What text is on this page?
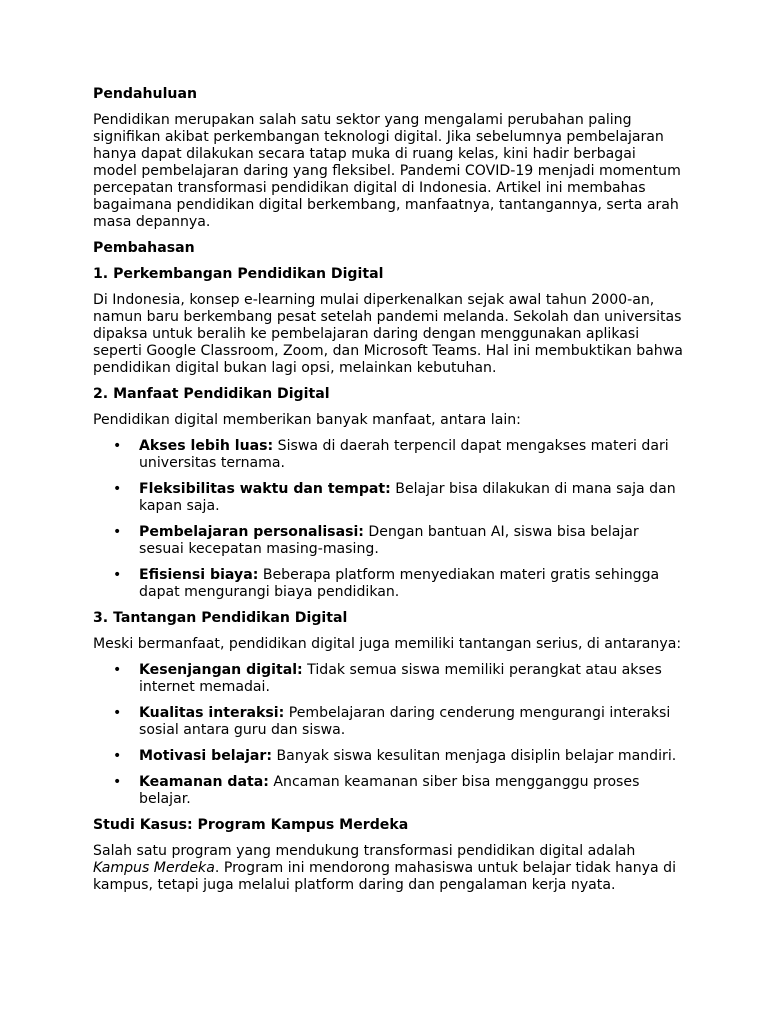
Pendahuluan

Pendidikan merupakan salah satu sektor yang mengalami perubahan paling signifikan akibat perkembangan teknologi digital. Jika sebelumnya pembelajaran hanya dapat dilakukan secara tatap muka di ruang kelas, kini hadir berbagai model pembelajaran daring yang fleksibel. Pandemi COVID-19 menjadi momentum percepatan transformasi pendidikan digital di Indonesia. Artikel ini membahas bagaimana pendidikan digital berkembang, manfaatnya, tantangannya, serta arah masa depannya.

Pembahasan
1. Perkembangan Pendidikan Digital

Di Indonesia, konsep e-learning mulai diperkenalkan sejak awal tahun 2000-an, namun baru berkembang pesat setelah pandemi melanda. Sekolah dan universitas dipaksa untuk beralih ke pembelajaran daring dengan menggunakan aplikasi seperti Google Classroom, Zoom, dan Microsoft Teams. Hal ini membuktikan bahwa pendidikan digital bukan lagi opsi, melainkan kebutuhan.

2. Manfaat Pendidikan Digital

Pendidikan digital memberikan banyak manfaat, antara lain:

• Akses lebih luas: Siswa di daerah terpencil dapat mengakses materi dari universitas ternama.
• Fleksibilitas waktu dan tempat: Belajar bisa dilakukan di mana saja dan kapan saja.
• Pembelajaran personalisasi: Dengan bantuan AI, siswa bisa belajar sesuai kecepatan masing-masing.
• Efisiensi biaya: Beberapa platform menyediakan materi gratis sehingga dapat mengurangi biaya pendidikan.
3. Tantangan Pendidikan Digital

Meski bermanfaat, pendidikan digital juga memiliki tantangan serius, di antaranya:

• Kesenjangan digital: Tidak semua siswa memiliki perangkat atau akses internet memadai.
• Kualitas interaksi: Pembelajaran daring cenderung mengurangi interaksi sosial antara guru dan siswa.
• Motivasi belajar: Banyak siswa kesulitan menjaga disiplin belajar mandiri.
• Keamanan data: Ancaman keamanan siber bisa mengganggu proses belajar.
Studi Kasus: Program Kampus Merdeka

Salah satu program yang mendukung transformasi pendidikan digital adalah Kampus Merdeka. Program ini mendorong mahasiswa untuk belajar tidak hanya di kampus, tetapi juga melalui platform daring dan pengalaman kerja nyata.
